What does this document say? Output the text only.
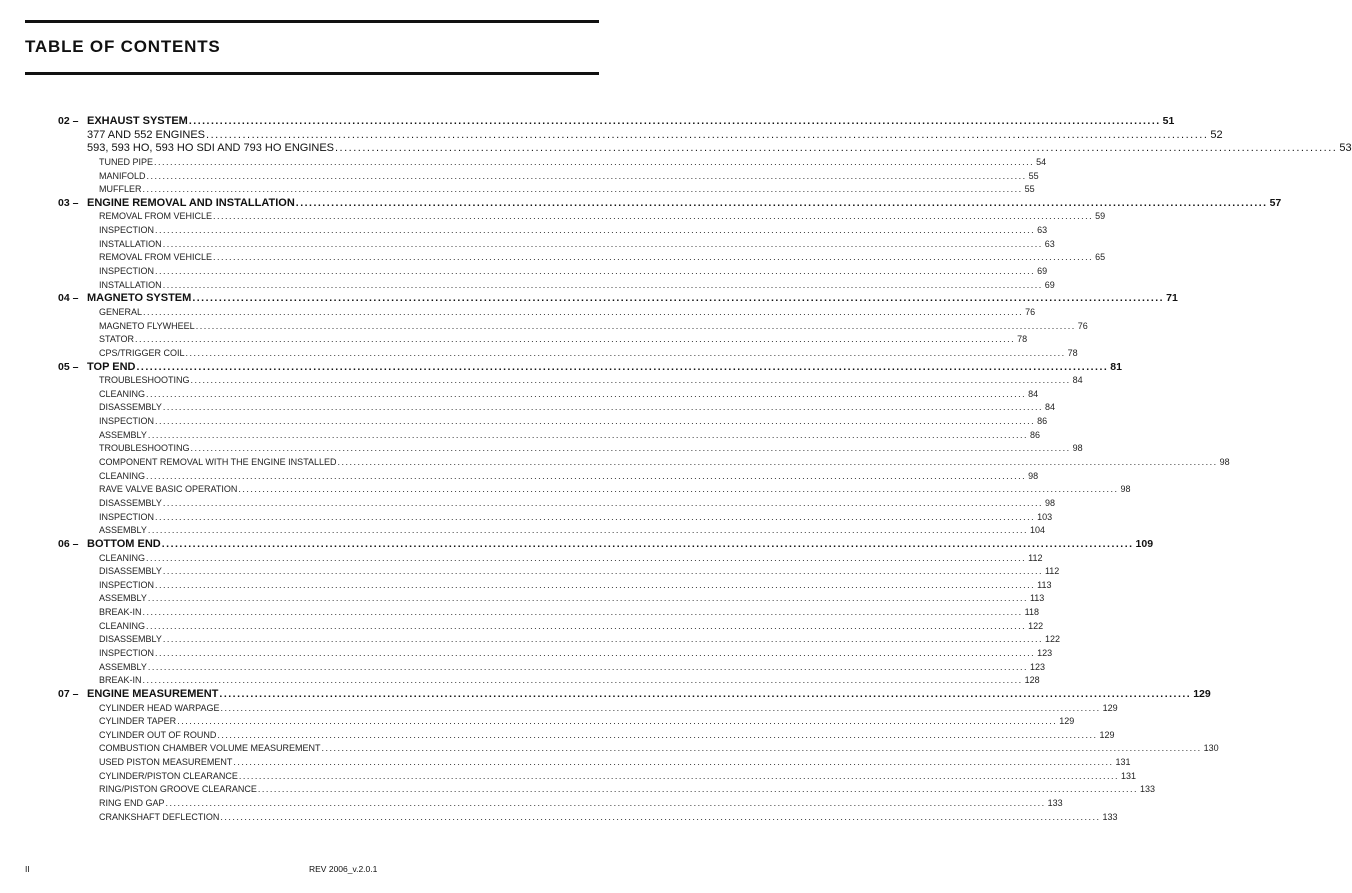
TABLE OF CONTENTS
02 – EXHAUST SYSTEM ............................................................................................................................................................................................................................ 51
377 AND 552 ENGINES ............................................................................................................................................................................................................................ 52
593, 593 HO, 593 HO SDI AND 793 HO ENGINES ............................................................................................................................................................................................................................ 53
TUNED PIPE ............................................................................................................................................................................................................................ 54
MANIFOLD ............................................................................................................................................................................................................................ 55
MUFFLER ............................................................................................................................................................................................................................ 55
03 – ENGINE REMOVAL AND INSTALLATION ............................................................................................................................................................................................................................ 57
REMOVAL FROM VEHICLE ............................................................................................................................................................................................................................ 59
INSPECTION ............................................................................................................................................................................................................................ 63
INSTALLATION ............................................................................................................................................................................................................................ 63
REMOVAL FROM VEHICLE ............................................................................................................................................................................................................................ 65
INSPECTION ............................................................................................................................................................................................................................ 69
INSTALLATION ............................................................................................................................................................................................................................ 69
04 – MAGNETO SYSTEM ............................................................................................................................................................................................................................ 71
GENERAL ............................................................................................................................................................................................................................ 76
MAGNETO FLYWHEEL ............................................................................................................................................................................................................................ 76
STATOR ............................................................................................................................................................................................................................ 78
CPS/TRIGGER COIL ............................................................................................................................................................................................................................ 78
05 – TOP END ............................................................................................................................................................................................................................ 81
TROUBLESHOOTING ............................................................................................................................................................................................................................ 84
CLEANING ............................................................................................................................................................................................................................ 84
DISASSEMBLY ............................................................................................................................................................................................................................ 84
INSPECTION ............................................................................................................................................................................................................................ 86
ASSEMBLY ............................................................................................................................................................................................................................ 86
TROUBLESHOOTING ............................................................................................................................................................................................................................ 98
COMPONENT REMOVAL WITH THE ENGINE INSTALLED ............................................................................................................................................................................................................................ 98
CLEANING ............................................................................................................................................................................................................................ 98
RAVE VALVE BASIC OPERATION ............................................................................................................................................................................................................................ 98
DISASSEMBLY ............................................................................................................................................................................................................................ 98
INSPECTION ............................................................................................................................................................................................................................ 103
ASSEMBLY ............................................................................................................................................................................................................................ 104
06 – BOTTOM END ............................................................................................................................................................................................................................ 109
CLEANING ............................................................................................................................................................................................................................ 112
DISASSEMBLY ............................................................................................................................................................................................................................ 112
INSPECTION ............................................................................................................................................................................................................................ 113
ASSEMBLY ............................................................................................................................................................................................................................ 113
BREAK-IN ............................................................................................................................................................................................................................ 118
CLEANING ............................................................................................................................................................................................................................ 122
DISASSEMBLY ............................................................................................................................................................................................................................ 122
INSPECTION ............................................................................................................................................................................................................................ 123
ASSEMBLY ............................................................................................................................................................................................................................ 123
BREAK-IN ............................................................................................................................................................................................................................ 128
07 – ENGINE MEASUREMENT ............................................................................................................................................................................................................................ 129
CYLINDER HEAD WARPAGE ............................................................................................................................................................................................................................ 129
CYLINDER TAPER ............................................................................................................................................................................................................................ 129
CYLINDER OUT OF ROUND ............................................................................................................................................................................................................................ 129
COMBUSTION CHAMBER VOLUME MEASUREMENT ............................................................................................................................................................................................................................ 130
USED PISTON MEASUREMENT ............................................................................................................................................................................................................................ 131
CYLINDER/PISTON CLEARANCE ............................................................................................................................................................................................................................ 131
RING/PISTON GROOVE CLEARANCE ............................................................................................................................................................................................................................ 133
RING END GAP ............................................................................................................................................................................................................................ 133
CRANKSHAFT DEFLECTION ............................................................................................................................................................................................................................ 133
II	REV 2006_v.2.0.1
